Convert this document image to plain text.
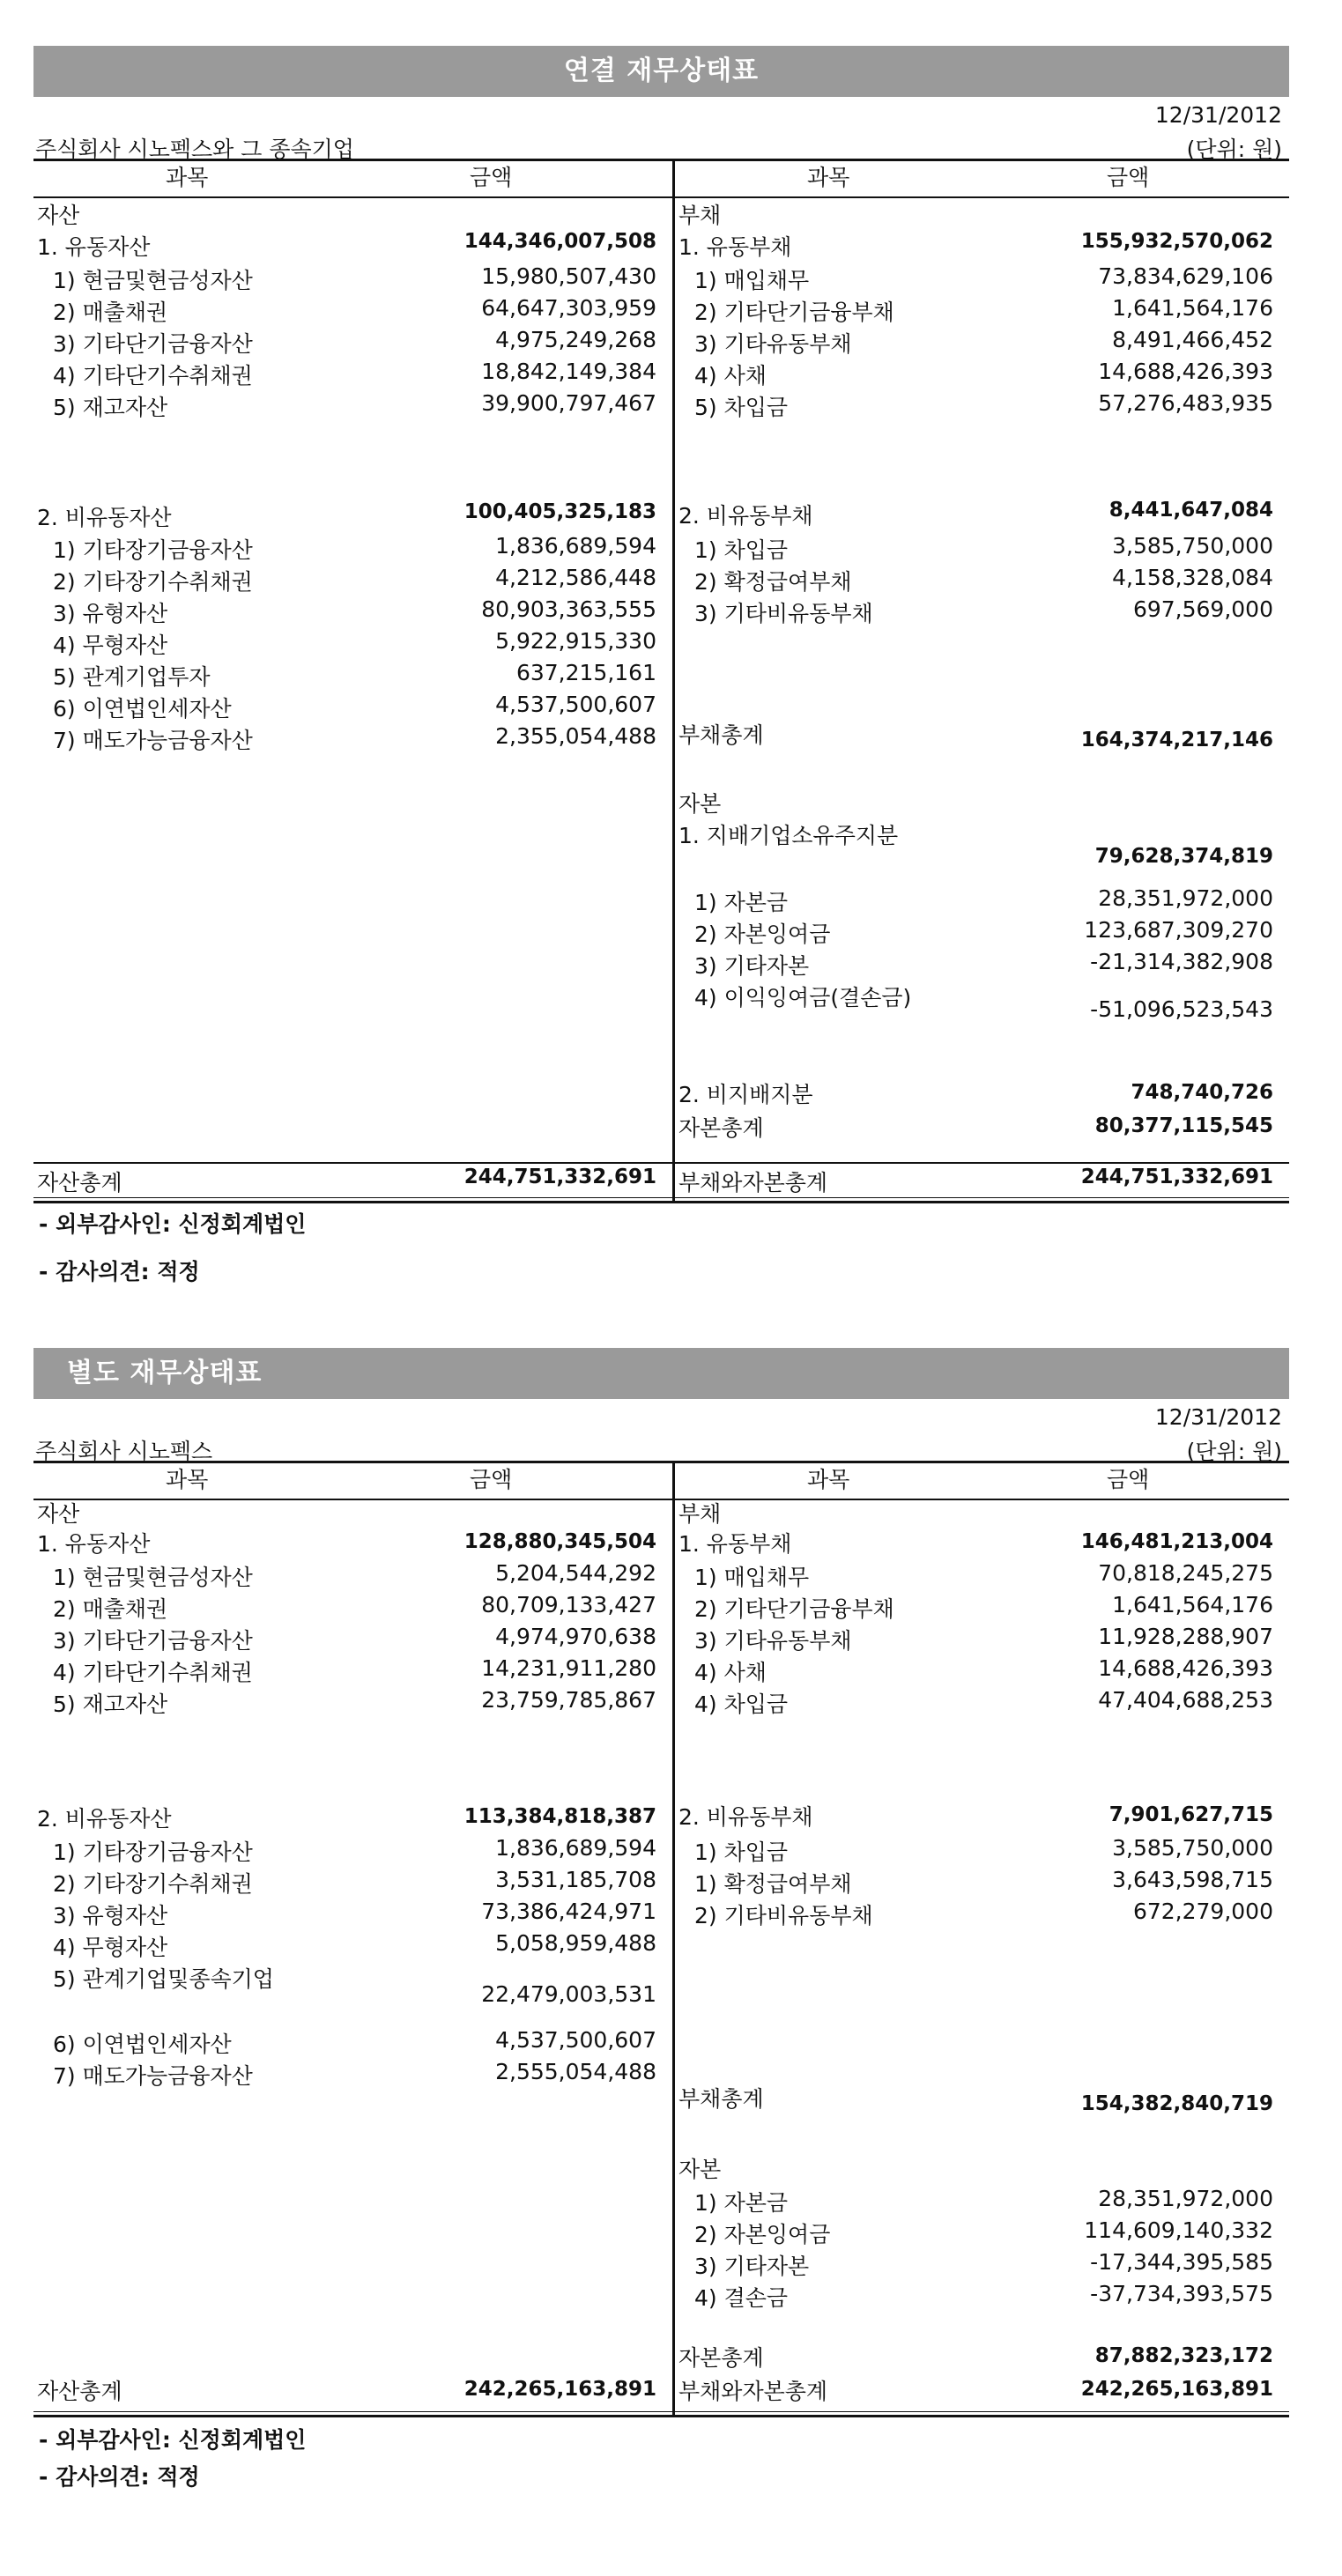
연결 재무상태표
12/31/2012
주식회사 시노펙스와 그 종속기업	(단위: 원)
과목	금액
자산
1. 유동자산	144,346,007,508
1) 현금및현금성자산	15,980,507,430
2) 매출채권	64,647,303,959
3) 기타단기금융자산	4,975,249,268
4) 기타단기수취채권	18,842,149,384
5) 재고자산	39,900,797,467
2. 비유동자산	100,405,325,183
1) 기타장기금융자산	1,836,689,594
2) 기타장기수취채권	4,212,586,448
3) 유형자산	80,903,363,555
4) 무형자산	5,922,915,330
5) 관계기업투자	637,215,161
6) 이연법인세자산	4,537,500,607
7) 매도가능금융자산	2,355,054,488
자산총계	244,751,332,691
과목	금액
부채
1. 유동부채	155,932,570,062
1) 매입채무	73,834,629,106
2) 기타단기금융부채	1,641,564,176
3) 기타유동부채	8,491,466,452
4) 사채	14,688,426,393
5) 차입금	57,276,483,935
2. 비유동부채	8,441,647,084
1) 차입금	3,585,750,000
2) 확정급여부채	4,158,328,084
3) 기타비유동부채	697,569,000
부채총계	164,374,217,146
자본
1. 지배기업소유주지분
79,628,374,819
1) 자본금	28,351,972,000
2) 자본잉여금	123,687,309,270
3) 기타자본	-21,314,382,908
4) 이익잉여금(결손금)	-51,096,523,543
2. 비지배지분	748,740,726
자본총계	80,377,115,545
부채와자본총계	244,751,332,691
- 외부감사인: 신정회계법인
- 감사의견: 적정
별도 재무상태표
12/31/2012
주식회사 시노펙스	(단위: 원)
과목	금액
자산
1. 유동자산	128,880,345,504
1) 현금및현금성자산	5,204,544,292
2) 매출채권	80,709,133,427
3) 기타단기금융자산	4,974,970,638
4) 기타단기수취채권	14,231,911,280
5) 재고자산	23,759,785,867
2. 비유동자산	113,384,818,387
1) 기타장기금융자산	1,836,689,594
2) 기타장기수취채권	3,531,185,708
3) 유형자산	73,386,424,971
4) 무형자산	5,058,959,488
5) 관계기업및종속기업
22,479,003,531
6) 이연법인세자산	4,537,500,607
7) 매도가능금융자산	2,555,054,488
자산총계	242,265,163,891
과목	금액
부채
1. 유동부채	146,481,213,004
1) 매입채무	70,818,245,275
2) 기타단기금융부채	1,641,564,176
3) 기타유동부채	11,928,288,907
4) 사채	14,688,426,393
4) 차입금	47,404,688,253
2. 비유동부채	7,901,627,715
1) 차입금	3,585,750,000
1) 확정급여부채	3,643,598,715
2) 기타비유동부채	672,279,000
부채총계	154,382,840,719
자본
1) 자본금	28,351,972,000
2) 자본잉여금	114,609,140,332
3) 기타자본	-17,344,395,585
4) 결손금	-37,734,393,575
자본총계	87,882,323,172
부채와자본총계	242,265,163,891
- 외부감사인: 신정회계법인
- 감사의견: 적정
